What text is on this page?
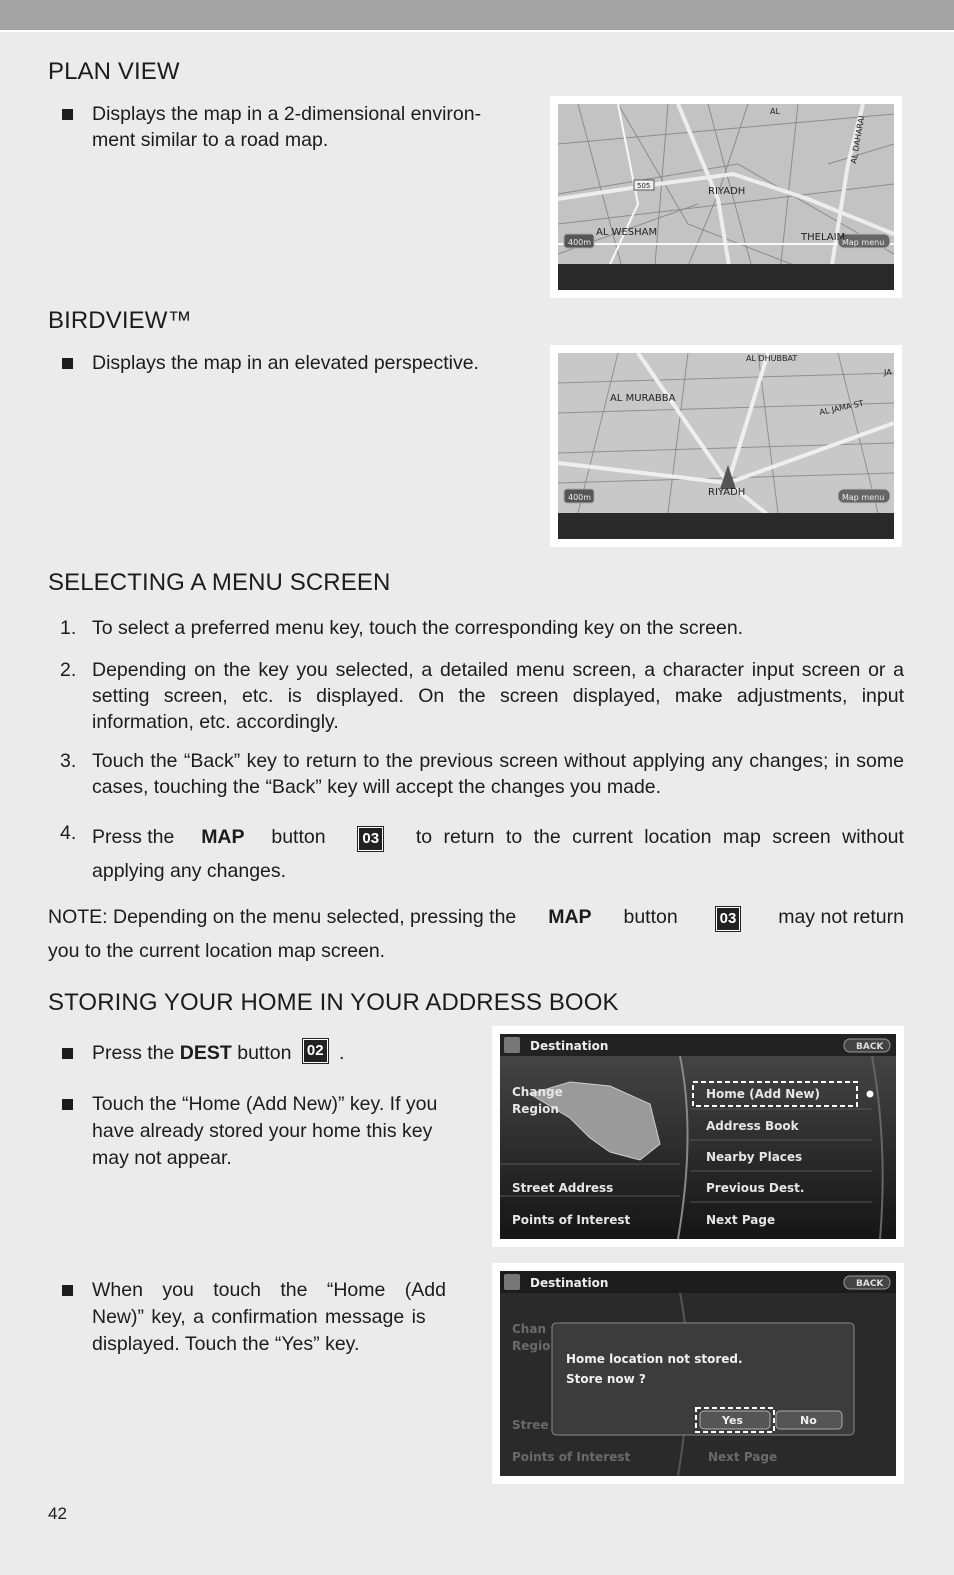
PLAN VIEW
Displays the map in a 2-dimensional environ-
ment similar to a road map.
400m	Map menu
AL
AL DAHARAI
505	RIYADH
AL WESHAM	THELAIM
BIRDVIEW™
Displays the map in an elevated perspective.
400m	Map menu
AL DHUBBAT
JA
AL MURABBA
AL JAMA ST
RIYADH
SELECTING A MENU SCREEN
1. To select a preferred menu key, touch the corresponding key on the screen.
2. Depending on the key you selected, a detailed menu screen, a character input screen or a setting screen, etc. is displayed. On the screen displayed, make adjustments, input information, etc. accordingly.
3. Touch the “Back” key to return to the previous screen without applying any changes; in some cases, touching the “Back” key will accept the changes you made.
4. Press the MAP button 03 to return to the current location map screen without
applying any changes.
NOTE: Depending on the menu selected, pressing the MAP button	03 may not return
you to the current location map screen.
STORING YOUR HOME IN YOUR ADDRESS BOOK
Press the DEST button 02 .
Touch the “Home (Add New)” key. If you
have already stored your home this key
may not appear.
When you touch the “Home (Add
New)” key, a confirmation message is
displayed. Touch the “Yes” key.
Destination	BACK
Change
Region
Street Address
Points of Interest
Home (Add New)
Address Book
Nearby Places
Previous Dest.
Next Page
Destination	BACK
Chan
Regio
Stree
Points of Interest	Next Page
Home location not stored.
Store now ?
Yes	No
42
